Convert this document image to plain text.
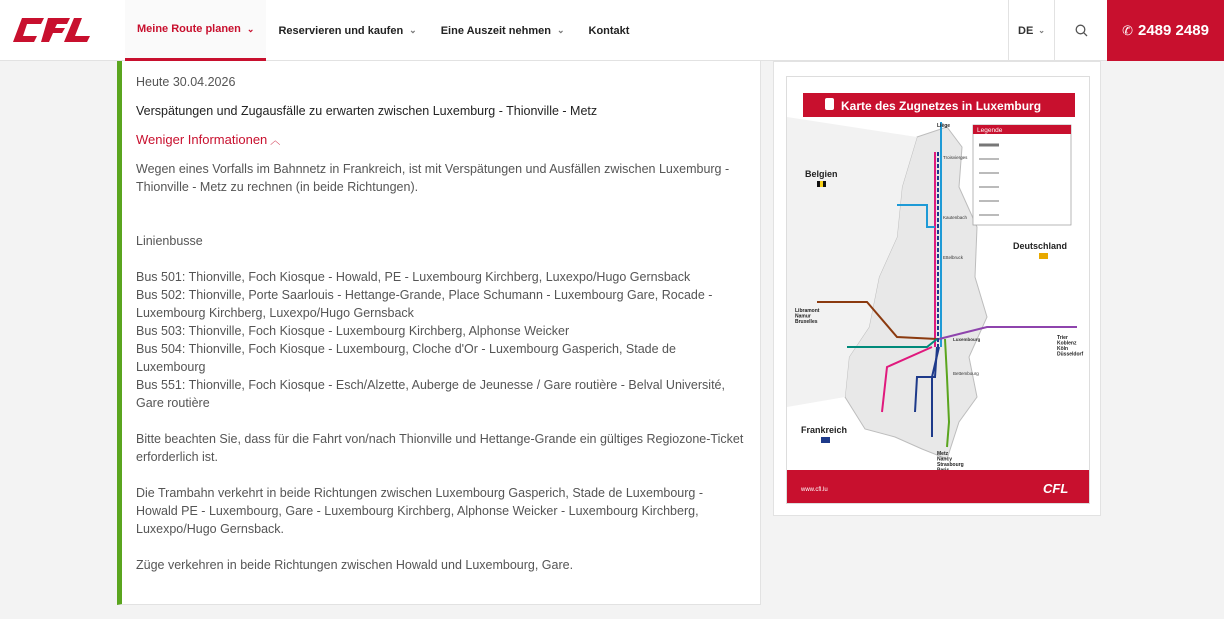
Meine Route planen ⌄ Reservieren und kaufen ⌄ Eine Auszeit nehmen ⌄ Kontakt	DE ⌄	✆ 2489 2489
Heute 30.04.2026
Verspätungen und Zugausfälle zu erwarten zwischen Luxemburg - Thionville - Metz
Weniger Informationen ︿
Wegen eines Vorfalls im Bahnnetz in Frankreich, ist mit Verspätungen und Ausfällen zwischen Luxemburg - Thionville - Metz zu rechnen (in beide Richtungen).
Linienbusse
Bus 501: Thionville, Foch Kiosque - Howald, PE - Luxembourg Kirchberg, Luxexpo/Hugo Gernsback
Bus 502: Thionville, Porte Saarlouis - Hettange-Grande, Place Schumann - Luxembourg Gare, Rocade - Luxembourg Kirchberg, Luxexpo/Hugo Gernsback
Bus 503: Thionville, Foch Kiosque - Luxembourg Kirchberg, Alphonse Weicker
Bus 504: Thionville, Foch Kiosque - Luxembourg, Cloche d'Or - Luxembourg Gasperich, Stade de Luxembourg
Bus 551: Thionville, Foch Kiosque - Esch/Alzette, Auberge de Jeunesse / Gare routière - Belval Université, Gare routière
Bitte beachten Sie, dass für die Fahrt von/nach Thionville und Hettange-Grande ein gültiges Regiozone-Ticket erforderlich ist.
Die Trambahn verkehrt in beide Richtungen zwischen Luxembourg Gasperich, Stade de Luxembourg - Howald PE - Luxembourg, Gare - Luxembourg Kirchberg, Alphonse Weicker - Luxembourg Kirchberg, Luxexpo/Hugo Gernsback.
Züge verkehren in beide Richtungen zwischen Howald und Luxembourg, Gare.
Karte des Zugnetzes in Luxemburg
Legende
Belgien
Deutschland
Frankreich
Liège
Libramont Namur Bruxelles
Trier Koblenz Köln Düsseldorf
Metz Nancy Strasbourg
Troisvierges
Kautenbach
Ettelbruck
Luxembourg
Bettembourg
www.cfl.lu	CFL
